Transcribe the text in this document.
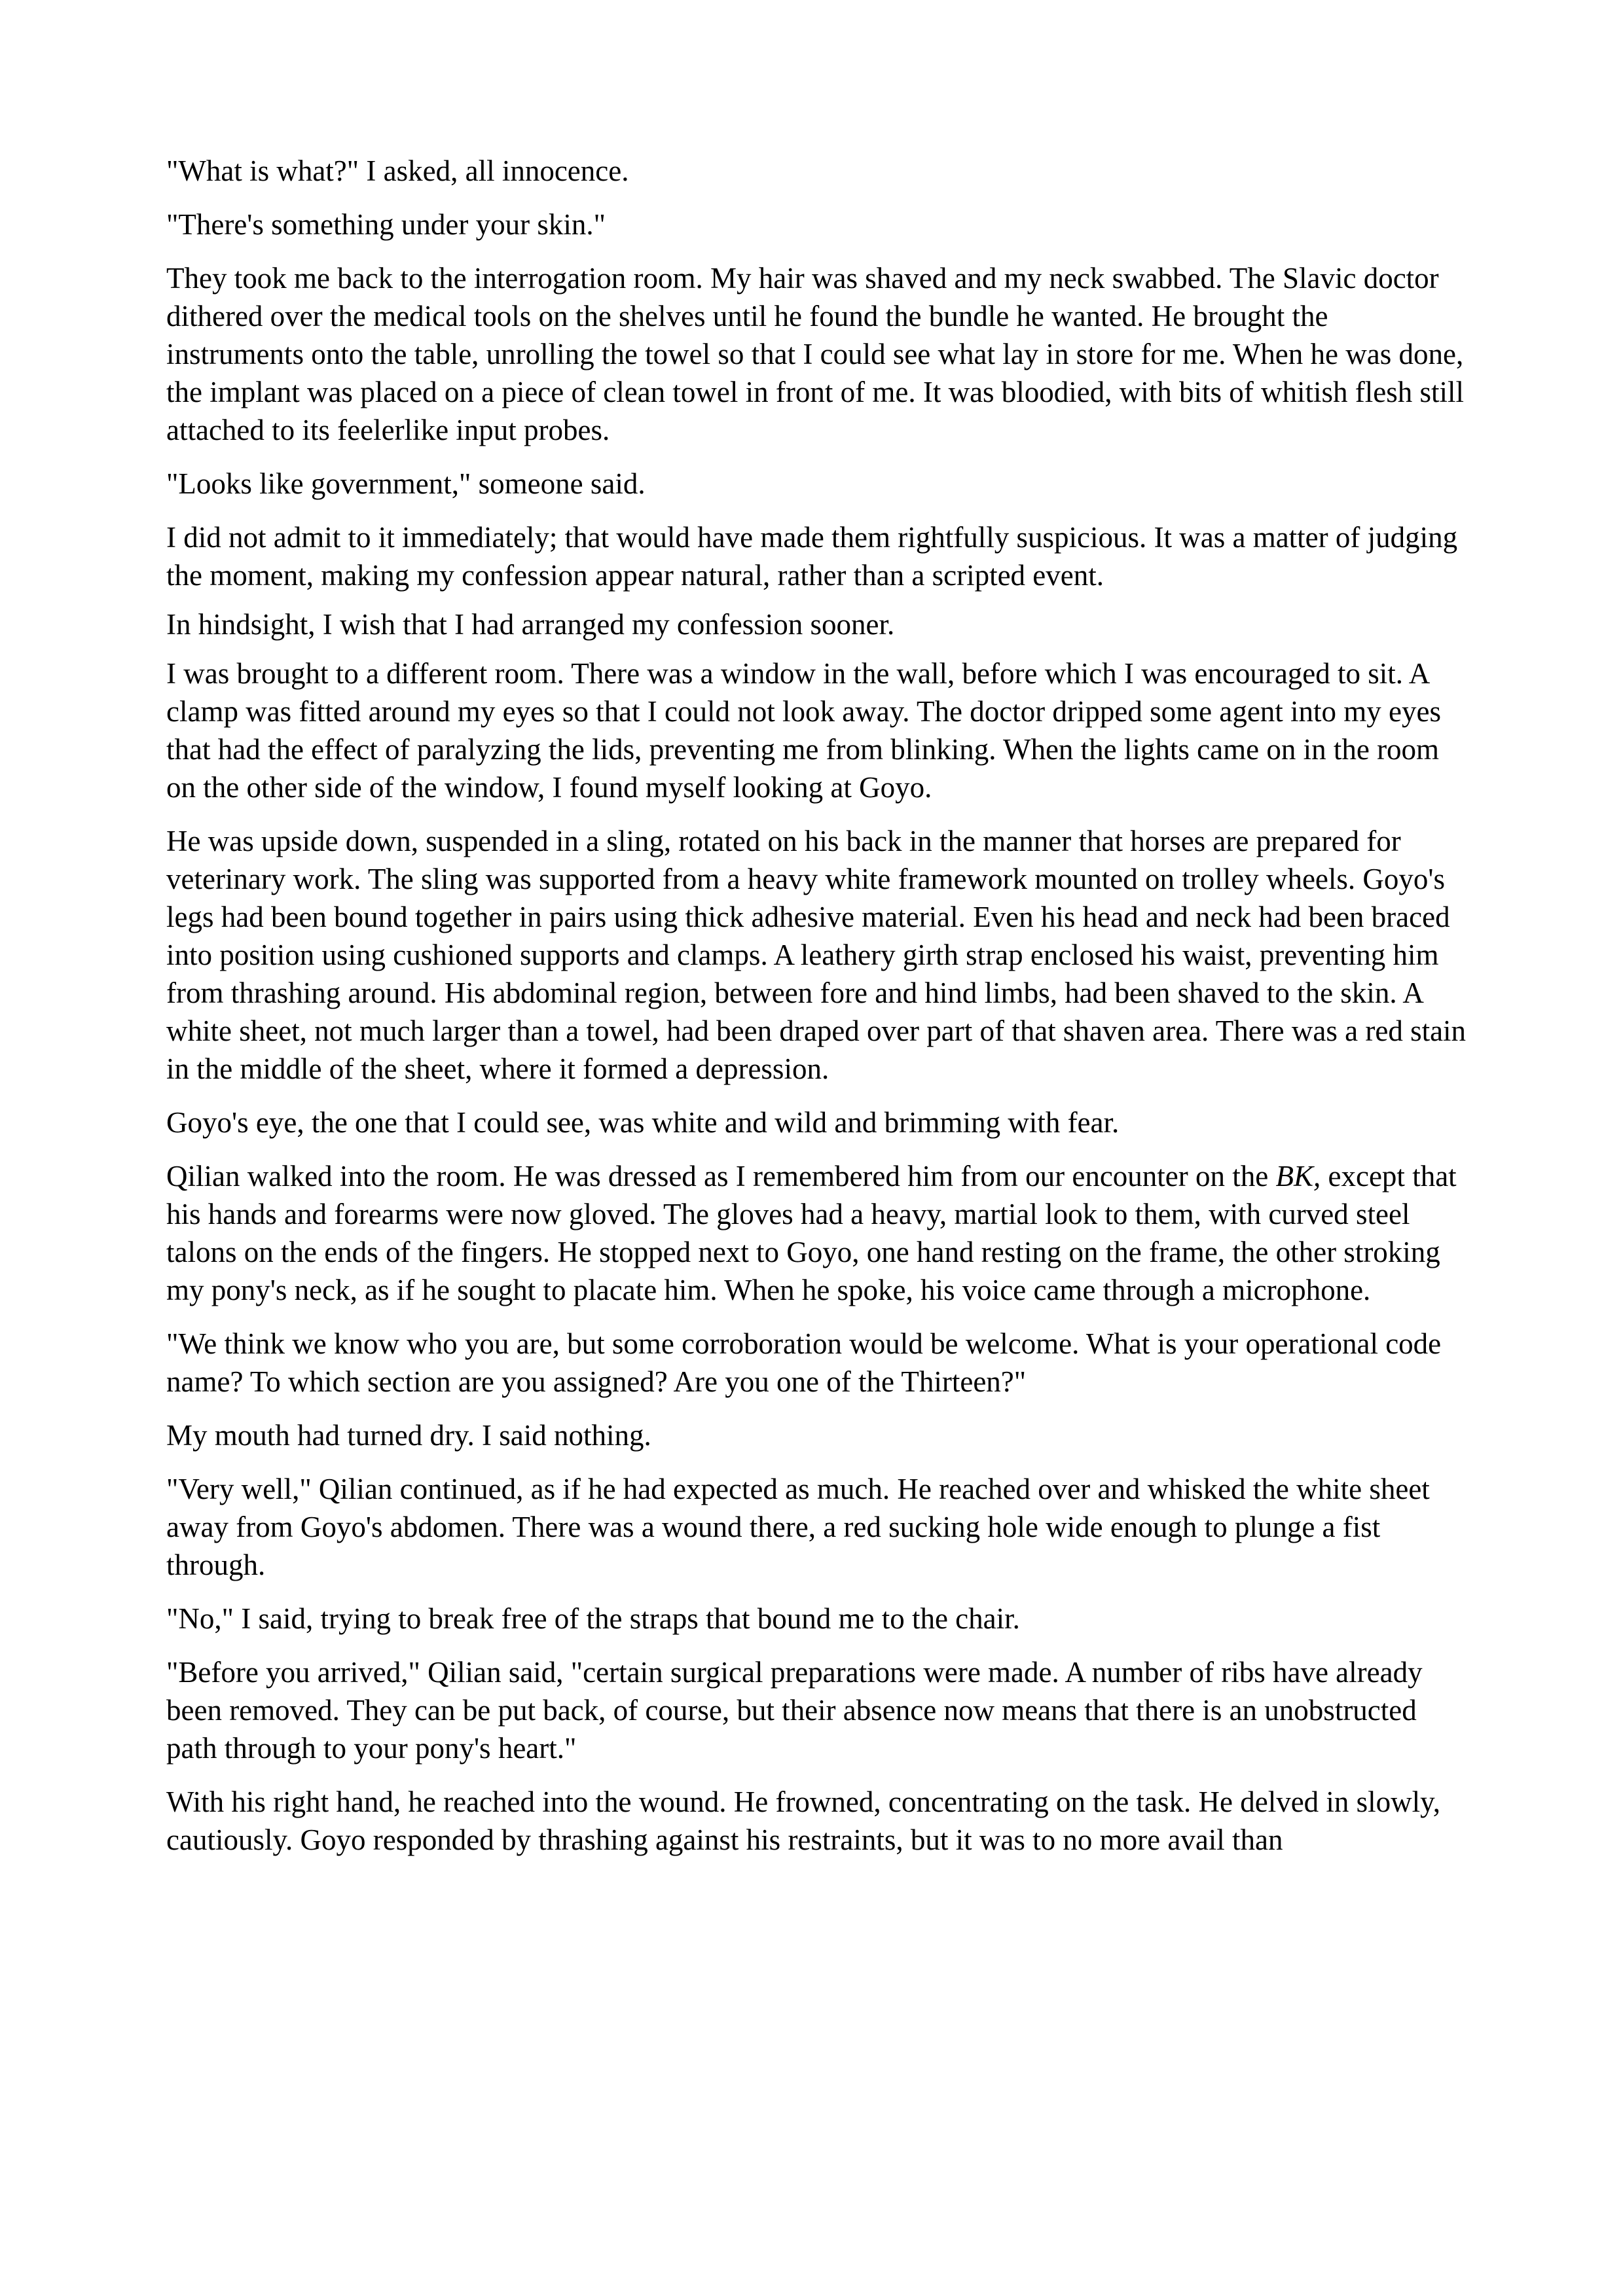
"What is what?" I asked, all innocence.

"There's something under your skin."

They took me back to the interrogation room. My hair was shaved and my neck swabbed. The Slavic doctor dithered over the medical tools on the shelves until he found the bundle he wanted. He brought the instruments onto the table, unrolling the towel so that I could see what lay in store for me. When he was done, the implant was placed on a piece of clean towel in front of me. It was bloodied, with bits of whitish flesh still attached to its feelerlike input probes.

"Looks like government," someone said.

I did not admit to it immediately; that would have made them rightfully suspicious. It was a matter of judging the moment, making my confession appear natural, rather than a scripted event.

In hindsight, I wish that I had arranged my confession sooner.

I was brought to a different room. There was a window in the wall, before which I was encouraged to sit. A clamp was fitted around my eyes so that I could not look away. The doctor dripped some agent into my eyes that had the effect of paralyzing the lids, preventing me from blinking. When the lights came on in the room on the other side of the window, I found myself looking at Goyo.

He was upside down, suspended in a sling, rotated on his back in the manner that horses are prepared for veterinary work. The sling was supported from a heavy white framework mounted on trolley wheels. Goyo's legs had been bound together in pairs using thick adhesive material. Even his head and neck had been braced into position using cushioned supports and clamps. A leathery girth strap enclosed his waist, preventing him from thrashing around. His abdominal region, between fore and hind limbs, had been shaved to the skin. A white sheet, not much larger than a towel, had been draped over part of that shaven area. There was a red stain in the middle of the sheet, where it formed a depression.

Goyo's eye, the one that I could see, was white and wild and brimming with fear.

Qilian walked into the room. He was dressed as I remembered him from our encounter on the BK, except that his hands and forearms were now gloved. The gloves had a heavy, martial look to them, with curved steel talons on the ends of the fingers. He stopped next to Goyo, one hand resting on the frame, the other stroking my pony's neck, as if he sought to placate him. When he spoke, his voice came through a microphone.

"We think we know who you are, but some corroboration would be welcome. What is your operational code name? To which section are you assigned? Are you one of the Thirteen?"

My mouth had turned dry. I said nothing.

"Very well," Qilian continued, as if he had expected as much. He reached over and whisked the white sheet away from Goyo's abdomen. There was a wound there, a red sucking hole wide enough to plunge a fist through.

"No," I said, trying to break free of the straps that bound me to the chair.

"Before you arrived," Qilian said, "certain surgical preparations were made. A number of ribs have already been removed. They can be put back, of course, but their absence now means that there is an unobstructed path through to your pony's heart."

With his right hand, he reached into the wound. He frowned, concentrating on the task. He delved in slowly, cautiously. Goyo responded by thrashing against his restraints, but it was to no more avail than
